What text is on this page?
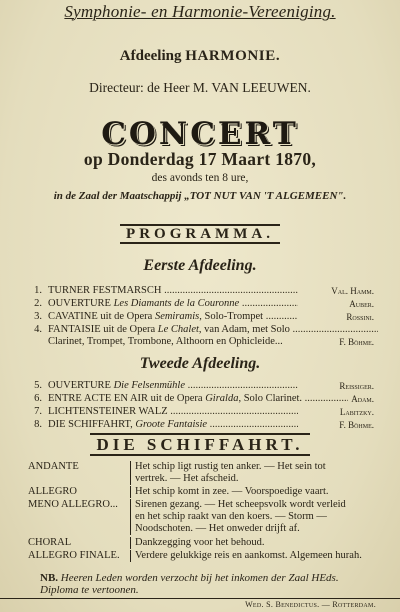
Symphonie- en Harmonie-Vereeniging.
Afdeeling HARMONIE.
Directeur: de Heer M. VAN LEEUWEN.
CONCERT
op Donderdag 17 Maart 1870,
des avonds ten 8 ure,
in de Zaal der Maatschappij „TOT NUT VAN 'T ALGEMEEN".
PROGRAMMA.
Eerste Afdeeling.
1. TURNER FESTMARSCH .....	Val. Hamm.
2. OUVERTURE Les Diamants de la Couronne .....	Auber.
3. CAVATINE uit de Opera Semiramis, Solo-Trompet .....	Rossini.
4. FANTAISIE uit de Opera Le Chalet, van Adam, met Solo .....
Clarinet, Trompet, Trombone, Althoorn en Ophicleide...	F. Böhme.
Tweede Afdeeling.
5. OUVERTURE Die Felsenmühle .....	Reissiger.
6. ENTRE ACTE EN AIR uit de Opera Giralda, Solo Clarinet. .....	Adam.
7. LICHTENSTEINER WALZ .....	Labitzky.
8. DIE SCHIFFAHRT, Groote Fantaisie .....	F. Böhme.
DIE SCHIFFAHRT.
ANDANTE	Het schip ligt rustig ten anker. — Het sein tot
vertrek. — Het afscheid.
ALLEGRO	Het schip komt in zee. — Voorspoedige vaart.
MENO ALLEGRO... Sirenen gezang. — Het scheepsvolk wordt verleid
en het schip raakt van den koers. — Storm —
Noodschoten. — Het onweder drijft af.
CHORAL	Dankzegging voor het behoud.
ALLEGRO FINALE. Verdere gelukkige reis en aankomst. Algemeen hurah.
NB. Heeren Leden worden verzocht bij het inkomen der Zaal HEds. Diploma te vertoonen.
Wed. S. Benedictus. — Rotterdam.
